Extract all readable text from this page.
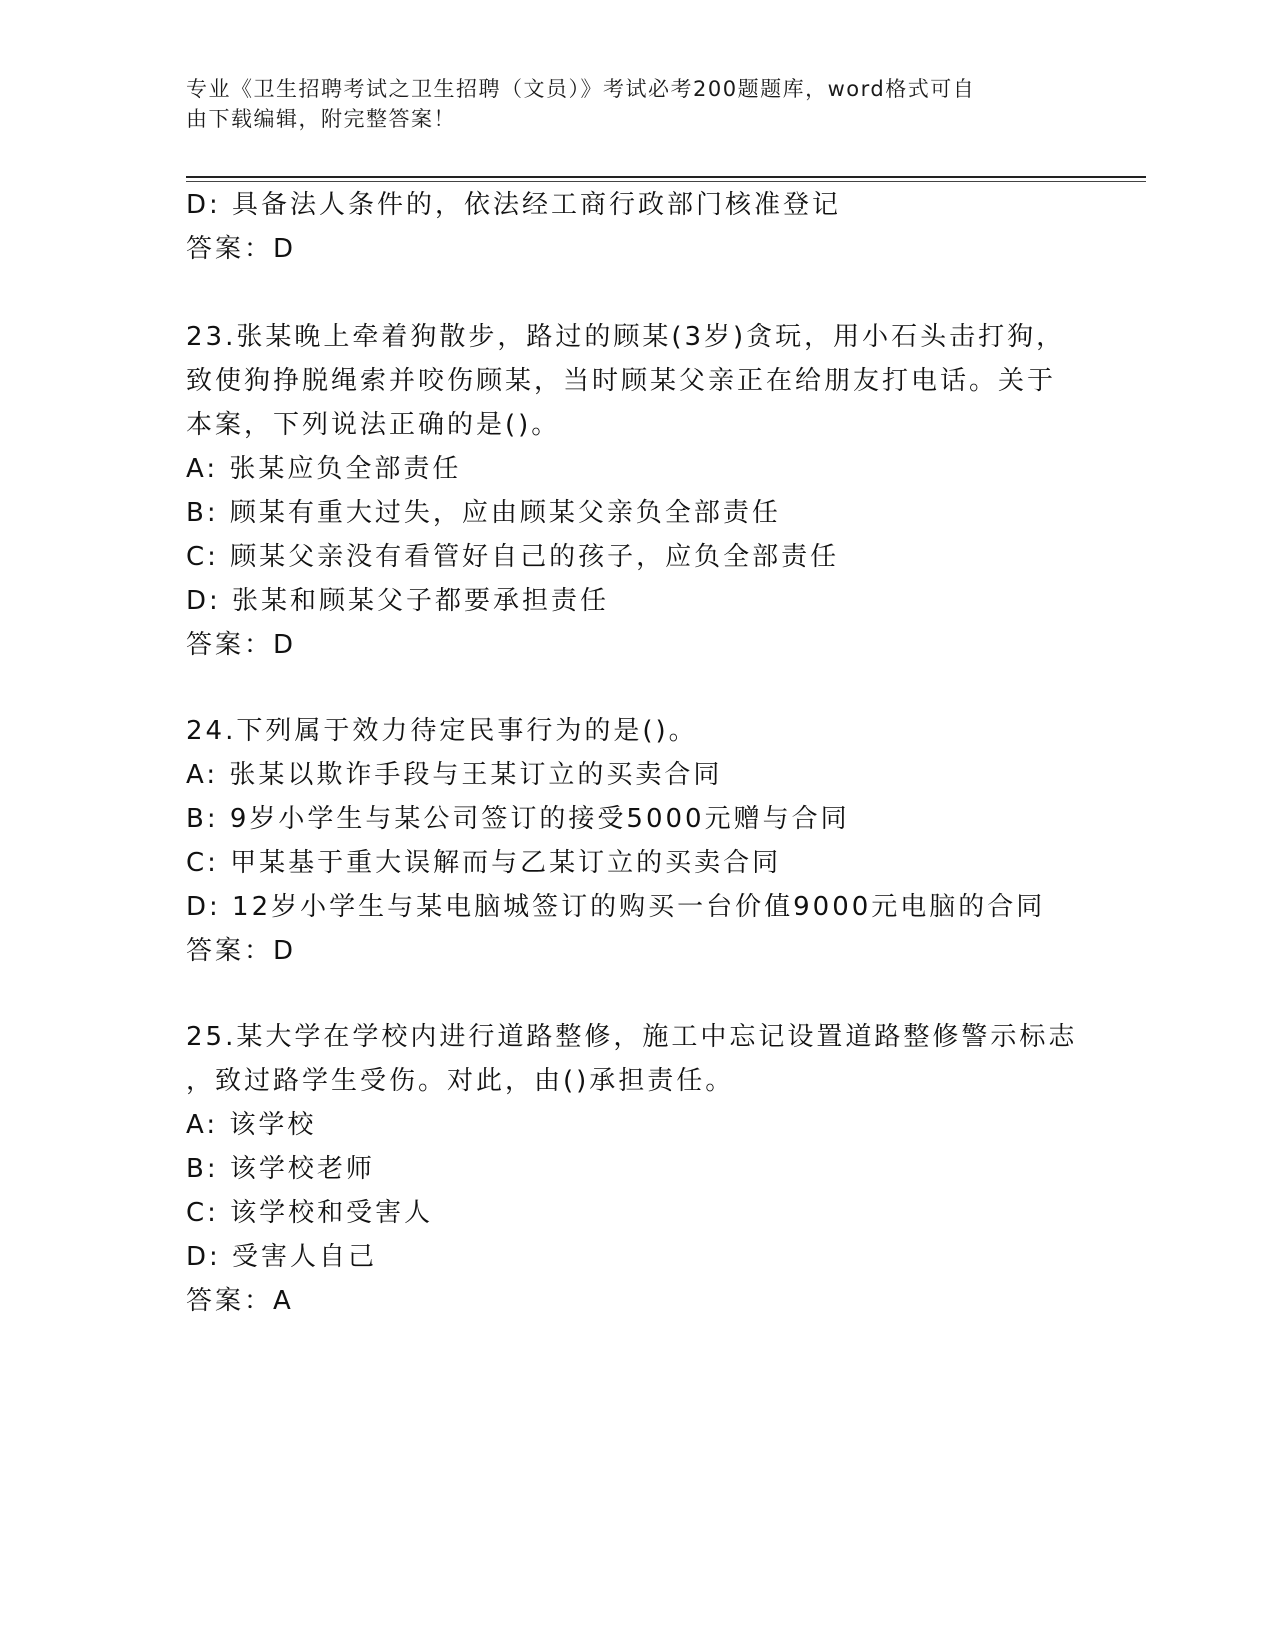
专业《卫生招聘考试之卫生招聘（文员）》考试必考200题题库，word格式可自
由下载编辑，附完整答案！
D: 具备法人条件的，依法经工商行政部门核准登记
答案：D
23.张某晚上牵着狗散步，路过的顾某(3岁)贪玩，用小石头击打狗，
致使狗挣脱绳索并咬伤顾某，当时顾某父亲正在给朋友打电话。关于
本案，下列说法正确的是()。
A: 张某应负全部责任
B: 顾某有重大过失，应由顾某父亲负全部责任
C: 顾某父亲没有看管好自己的孩子，应负全部责任
D: 张某和顾某父子都要承担责任
答案：D
24.下列属于效力待定民事行为的是()。
A: 张某以欺诈手段与王某订立的买卖合同
B: 9岁小学生与某公司签订的接受5000元赠与合同
C: 甲某基于重大误解而与乙某订立的买卖合同
D: 12岁小学生与某电脑城签订的购买一台价值9000元电脑的合同
答案：D
25.某大学在学校内进行道路整修，施工中忘记设置道路整修警示标志
，致过路学生受伤。对此，由()承担责任。
A: 该学校
B: 该学校老师
C: 该学校和受害人
D: 受害人自己
答案：A
